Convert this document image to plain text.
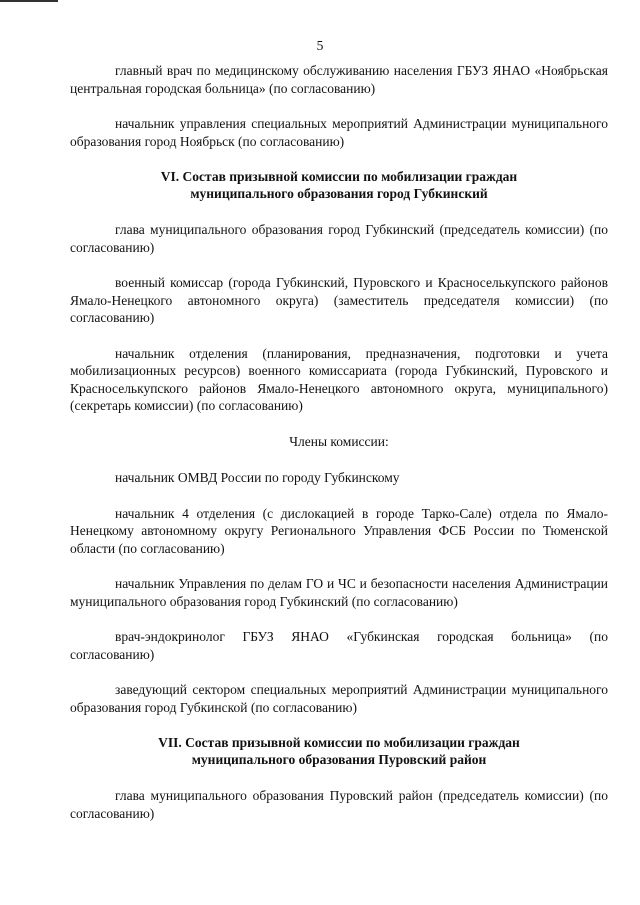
5

главный врач по медицинскому обслуживанию населения ГБУЗ ЯНАО «Ноябрьская центральная городская больница» (по согласованию)

начальник управления специальных мероприятий Администрации муниципального образования город Ноябрьск (по согласованию)

VI. Состав призывной комиссии по мобилизации граждан
муниципального образования город Губкинский

глава муниципального образования город Губкинский (председатель комиссии) (по согласованию)

военный комиссар (города Губкинский, Пуровского и Красноселькупского районов Ямало-Ненецкого автономного округа) (заместитель председателя комиссии) (по согласованию)

начальник отделения (планирования, предназначения, подготовки и учета мобилизационных ресурсов) военного комиссариата (города Губкинский, Пуровского и Красноселькупского районов Ямало-Ненецкого автономного округа, муниципального) (секретарь комиссии) (по согласованию)

Члены комиссии:

начальник ОМВД России по городу Губкинскому

начальник 4 отделения (с дислокацией в городе Тарко-Сале) отдела по Ямало-Ненецкому автономному округу Регионального Управления ФСБ России по Тюменской области (по согласованию)

начальник Управления по делам ГО и ЧС и безопасности населения Администрации муниципального образования город Губкинский (по согласованию)

врач-эндокринолог ГБУЗ ЯНАО «Губкинская городская больница» (по согласованию)

заведующий сектором специальных мероприятий Администрации муниципального образования город Губкинской (по согласованию)

VII. Состав призывной комиссии по мобилизации граждан
муниципального образования Пуровский район

глава муниципального образования Пуровский район (председатель комиссии) (по согласованию)
